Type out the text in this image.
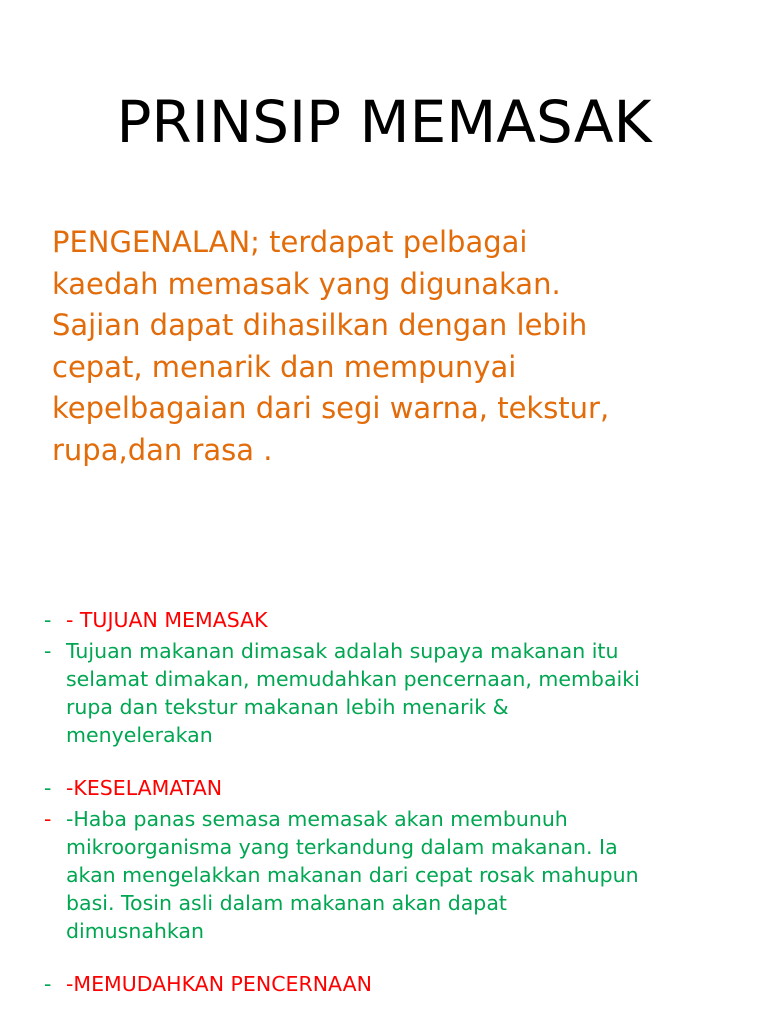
PRINSIP MEMASAK

PENGENALAN; terdapat pelbagai
kaedah memasak yang digunakan.
Sajian dapat dihasilkan dengan lebih
cepat, menarik dan mempunyai
kepelbagaian dari segi warna, tekstur,
rupa,dan rasa .

- - TUJUAN MEMASAK
- Tujuan makanan dimasak adalah supaya makanan itu
selamat dimakan, memudahkan pencernaan, membaiki
rupa dan tekstur makanan lebih menarik &
menyelerakan
- -KESELAMATAN
- -Haba panas semasa memasak akan membunuh
mikroorganisma yang terkandung dalam makanan. Ia
akan mengelakkan makanan dari cepat rosak mahupun
basi. Tosin asli dalam makanan akan dapat
dimusnahkan
- -MEMUDAHKAN PENCERNAAN
